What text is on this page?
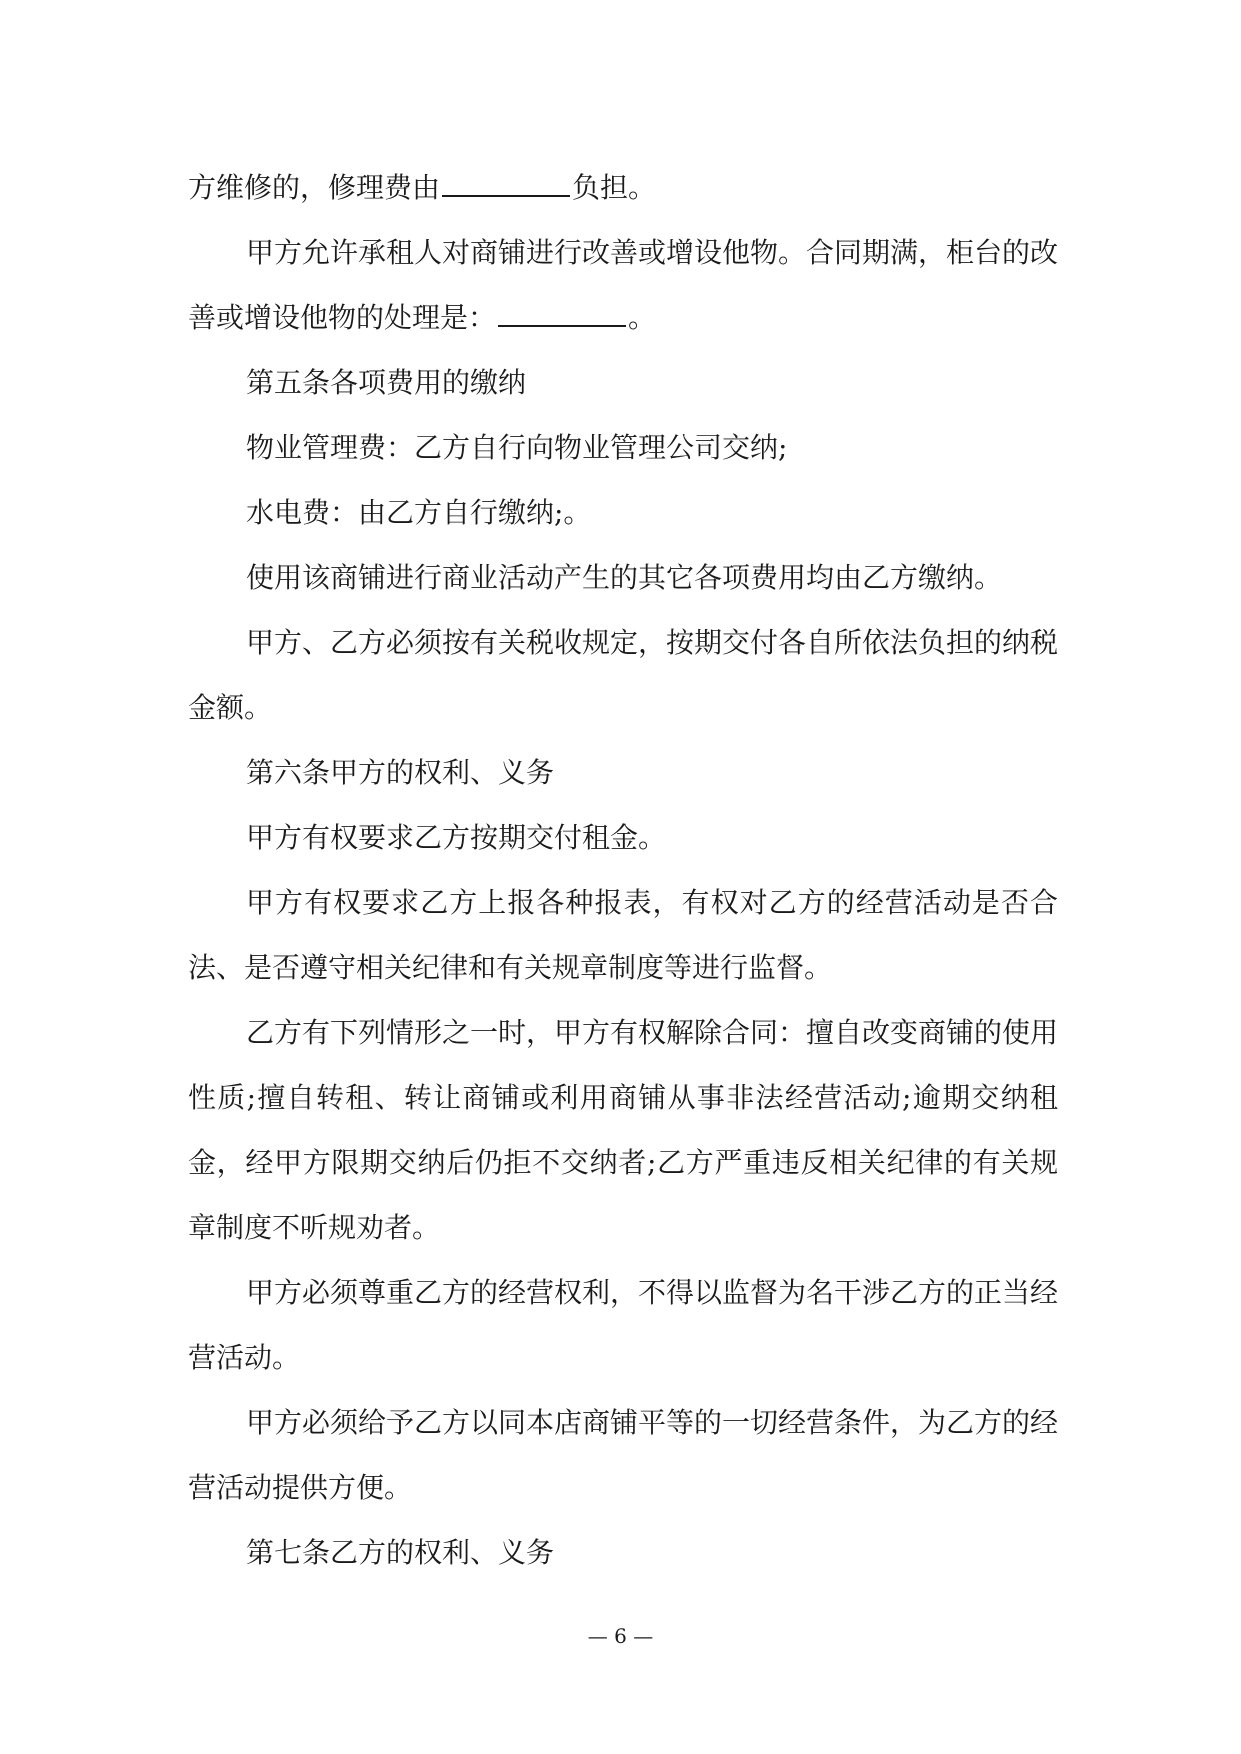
方维修的，修理费由	负担。

甲方允许承租人对商铺进行改善或增设他物。合同期满，柜台的改善或增设他物的处理是：	。

第五条各项费用的缴纳

物业管理费：乙方自行向物业管理公司交纳;

水电费：由乙方自行缴纳;。

使用该商铺进行商业活动产生的其它各项费用均由乙方缴纳。

甲方、乙方必须按有关税收规定，按期交付各自所依法负担的纳税金额。

第六条甲方的权利、义务

甲方有权要求乙方按期交付租金。

甲方有权要求乙方上报各种报表，有权对乙方的经营活动是否合法、是否遵守相关纪律和有关规章制度等进行监督。

乙方有下列情形之一时，甲方有权解除合同：擅自改变商铺的使用性质;擅自转租、转让商铺或利用商铺从事非法经营活动;逾期交纳租金，经甲方限期交纳后仍拒不交纳者;乙方严重违反相关纪律的有关规章制度不听规劝者。

甲方必须尊重乙方的经营权利，不得以监督为名干涉乙方的正当经营活动。

甲方必须给予乙方以同本店商铺平等的一切经营条件，为乙方的经营活动提供方便。

第七条乙方的权利、义务

— 6 —
